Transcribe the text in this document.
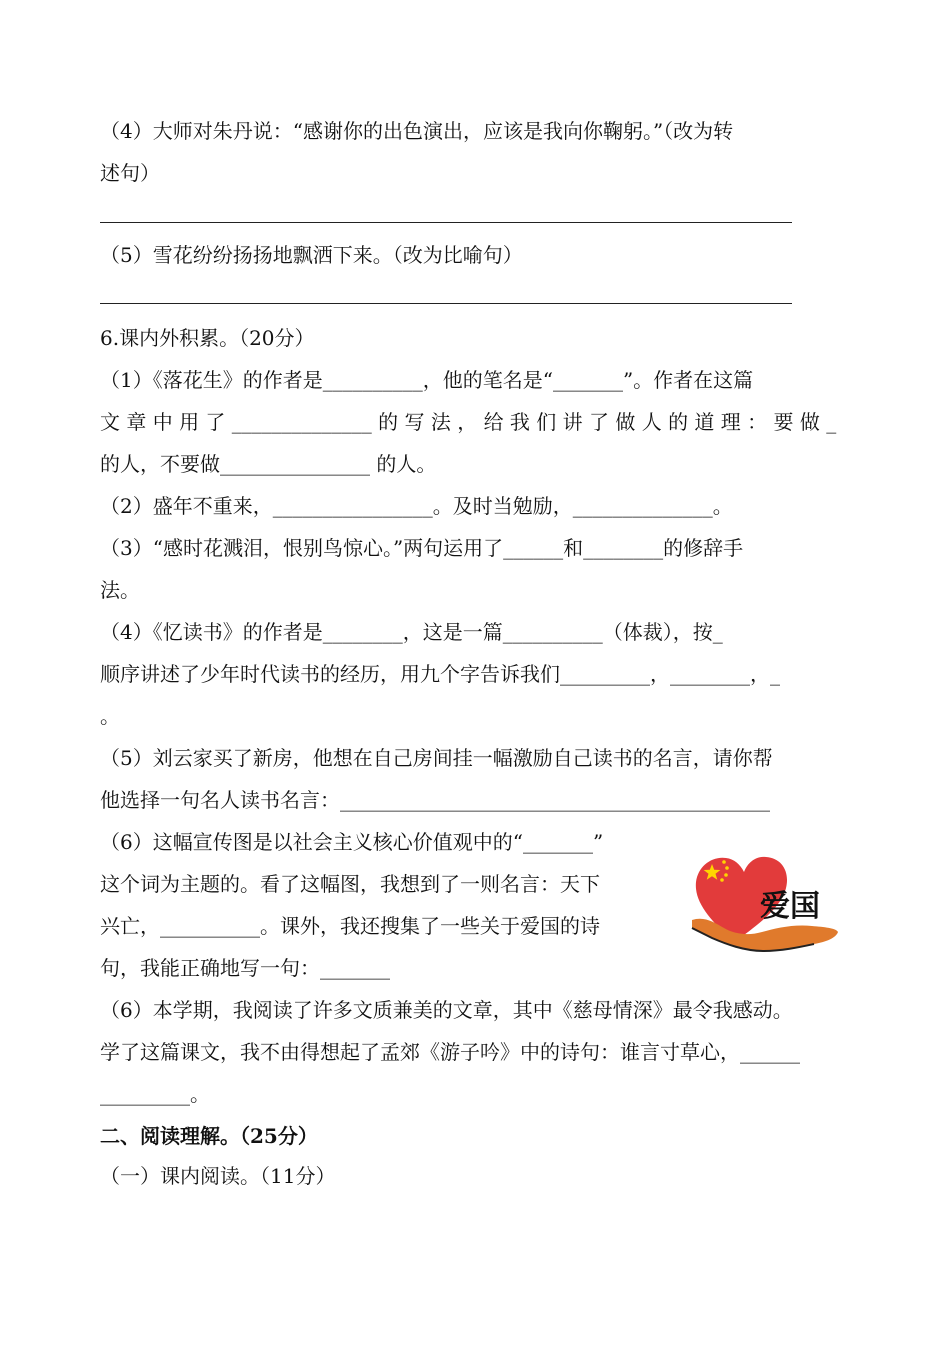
（4）大师对朱丹说：“感谢你的出色演出，应该是我向你鞠躬。”（改为转
述句）
（5）雪花纷纷扬扬地飘洒下来。（改为比喻句）
6.课内外积累。（20分）
（1）《落花生》的作者是__________，他的笔名是“_______”。作者在这篇
文 章 中 用 了 ______________ 的 写 法 ， 给 我 们 讲 了 做 人 的 道 理 ： 要 做 _
的人，不要做_______________ 的人。
（2）盛年不重来，________________。及时当勉励，______________。
（3）“感时花溅泪，恨别鸟惊心。”两句运用了______和________的修辞手
法。
（4）《忆读书》的作者是________，这是一篇__________（体裁），按_
顺序讲述了少年时代读书的经历，用九个字告诉我们_________，________，_
。
（5）刘云家买了新房，他想在自己房间挂一幅激励自己读书的名言，请你帮
他选择一句名人读书名言：___________________________________________
（6）这幅宣传图是以社会主义核心价值观中的“_______”
这个词为主题的。看了这幅图，我想到了一则名言：天下
兴亡，__________。课外，我还搜集了一些关于爱国的诗
句，我能正确地写一句：_______
（6）本学期，我阅读了许多文质兼美的文章，其中《慈母情深》最令我感动。
学了这篇课文，我不由得想起了孟郊《游子吟》中的诗句：谁言寸草心，______
_________。
二、阅读理解。（25分）
（一）课内阅读。（11分）
爱国
